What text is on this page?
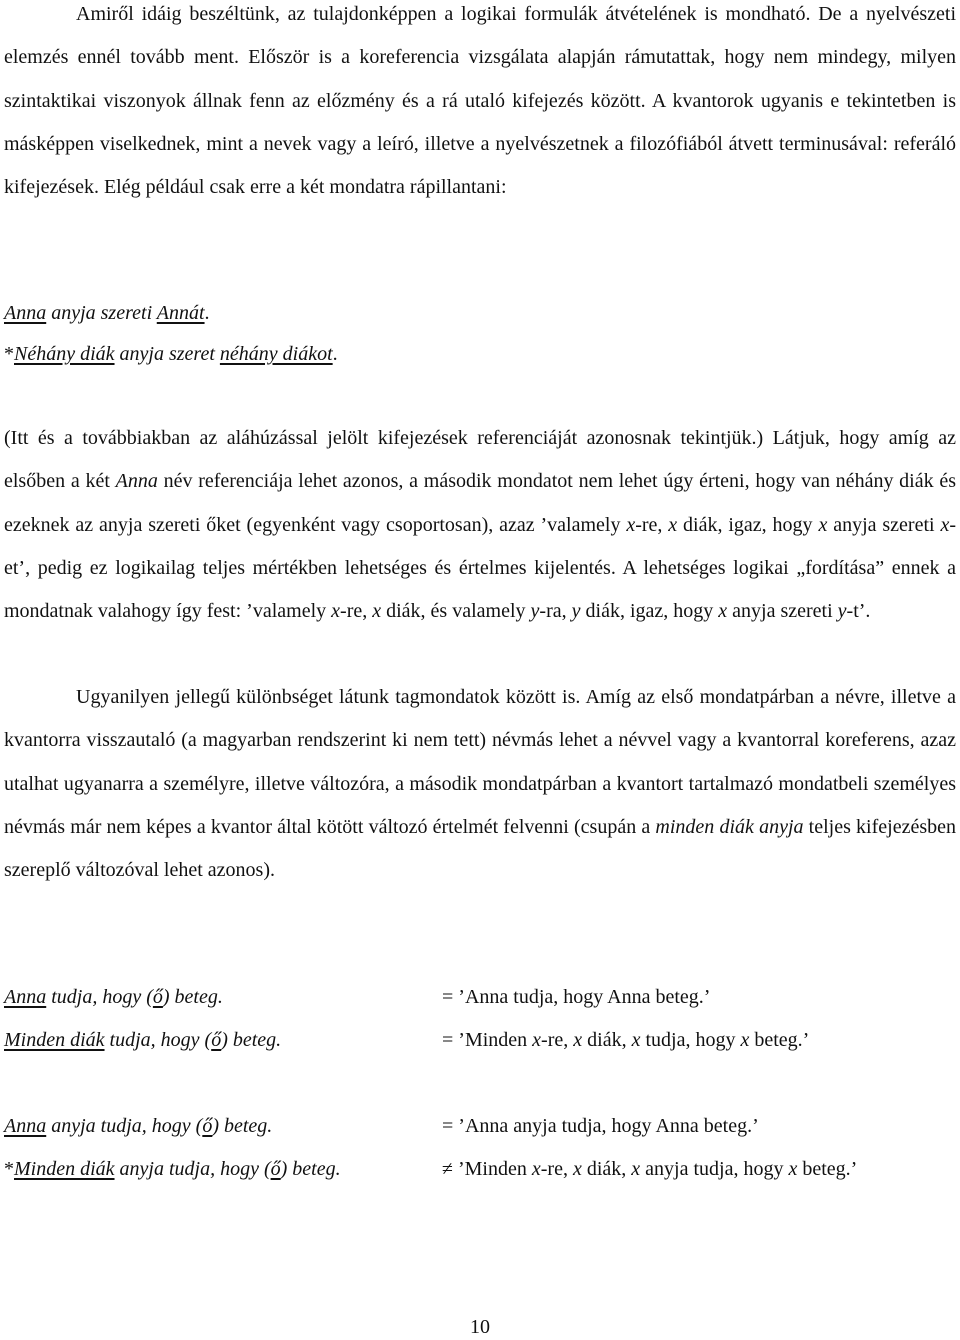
Amiről idáig beszéltünk, az tulajdonképpen a logikai formulák átvételének is mondható. De a nyelvészeti elemzés ennél tovább ment. Először is a koreferencia vizsgálata alapján rámutattak, hogy nem mindegy, milyen szintaktikai viszonyok állnak fenn az előzmény és a rá utaló kifejezés között. A kvantorok ugyanis e tekintetben is másképpen viselkednek, mint a nevek vagy a leíró, illetve a nyelvészetnek a filozófiából átvett terminusával: referáló kifejezések. Elég például csak erre a két mondatra rápillantani:

Anna anyja szereti Annát.

*Néhány diák anyja szeret néhány diákot.

(Itt és a továbbiakban az aláhúzással jelölt kifejezések referenciáját azonosnak tekintjük.) Látjuk, hogy amíg az elsőben a két Anna név referenciája lehet azonos, a második mondatot nem lehet úgy érteni, hogy van néhány diák és ezeknek az anyja szereti őket (egyenként vagy csoportosan), azaz ’valamely x-re, x diák, igaz, hogy x anyja szereti x-et’, pedig ez logikailag teljes mértékben lehetséges és értelmes kijelentés. A lehetséges logikai „fordítása” ennek a mondatnak valahogy így fest: ’valamely x-re, x diák, és valamely y-ra, y diák, igaz, hogy x anyja szereti y-t’.

Ugyanilyen jellegű különbséget látunk tagmondatok között is. Amíg az első mondatpárban a névre, illetve a kvantorra visszautaló (a magyarban rendszerint ki nem tett) névmás lehet a névvel vagy a kvantorral koreferens, azaz utalhat ugyanarra a személyre, illetve változóra, a második mondatpárban a kvantort tartalmazó mondatbeli személyes névmás már nem képes a kvantor által kötött változó értelmét felvenni (csupán a minden diák anyja teljes kifejezésben szereplő változóval lehet azonos).

Anna tudja, hogy (ő) beteg.	= ’Anna tudja, hogy Anna beteg.’

Minden diák tudja, hogy (ő) beteg.	= ’Minden x-re, x diák, x tudja, hogy x beteg.’

Anna anyja tudja, hogy (ő) beteg.	= ’Anna anyja tudja, hogy Anna beteg.’

*Minden diák anyja tudja, hogy (ő) beteg.	≠ ’Minden x-re, x diák, x anyja tudja, hogy x beteg.’

10
